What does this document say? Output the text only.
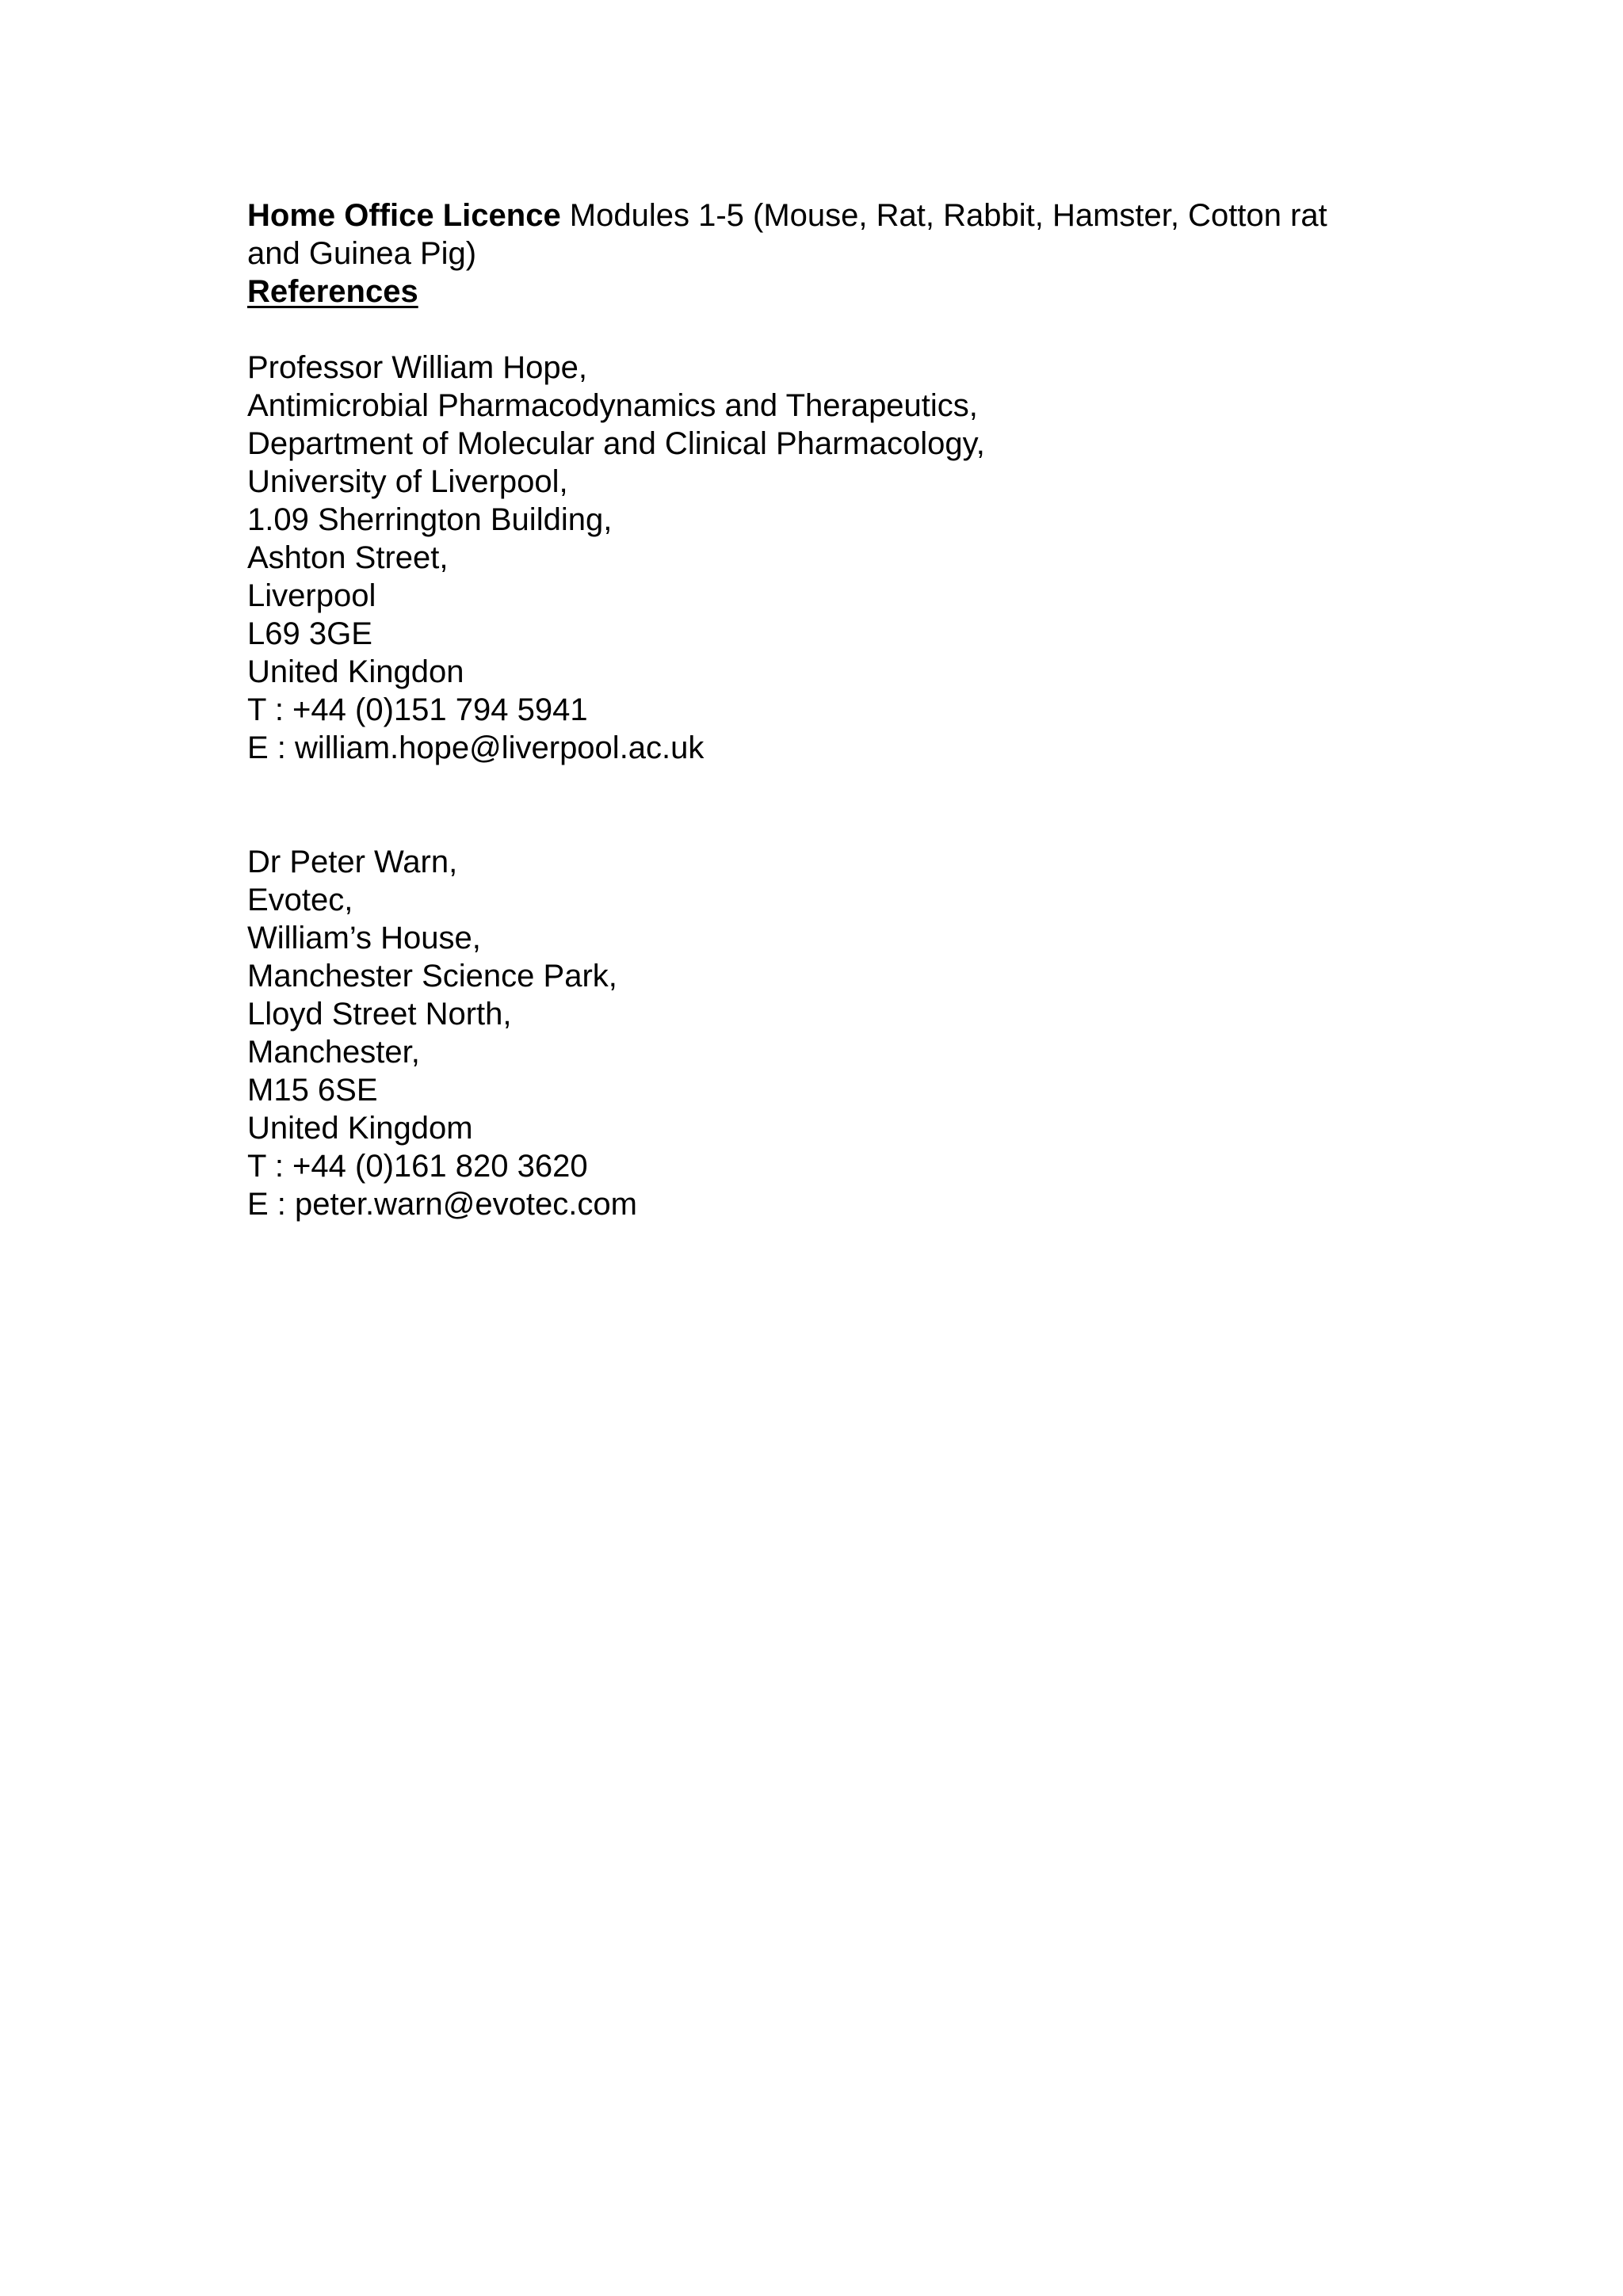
Home Office Licence Modules 1-5 (Mouse, Rat, Rabbit, Hamster, Cotton rat
and Guinea Pig)
References
Professor William Hope,
Antimicrobial Pharmacodynamics and Therapeutics,
Department of Molecular and Clinical Pharmacology,
University of Liverpool,
1.09 Sherrington Building,
Ashton Street,
Liverpool
L69 3GE
United Kingdon
T : +44 (0)151 794 5941
E : william.hope@liverpool.ac.uk
Dr Peter Warn,
Evotec,
William’s House,
Manchester Science Park,
Lloyd Street North,
Manchester,
M15 6SE
United Kingdom
T : +44 (0)161 820 3620
E : peter.warn@evotec.com
